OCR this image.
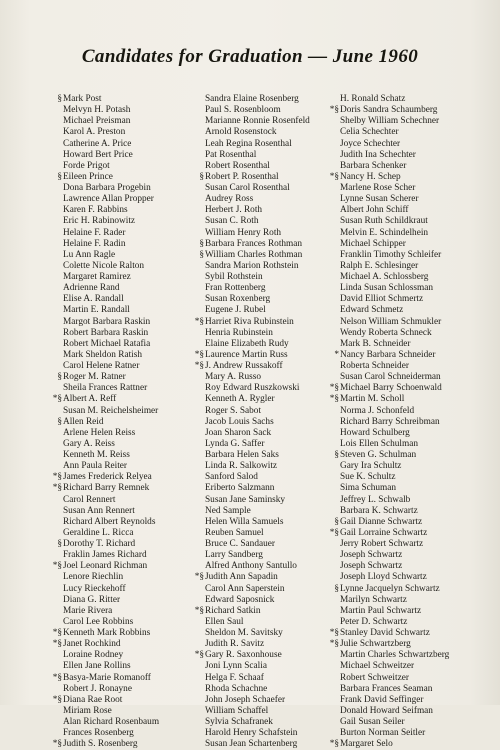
Candidates for Graduation — June 1960
§Mark Post
Melvyn H. Potash
Michael Preisman
Karol A. Preston
Catherine A. Price
Howard Bert Price
Forde Prigot
§Eileen Prince
Dona Barbara Progebin
Lawrence Allan Propper
Karen F. Rabbins
Eric H. Rabinowitz
Helaine F. Rader
Helaine F. Radin
Lu Ann Ragle
Colette Nicole Ralton
Margaret Ramirez
Adrienne Rand
Elise A. Randall
Martin E. Randall
Margot Barbara Raskin
Robert Barbara Raskin
Robert Michael Ratafia
Mark Sheldon Ratish
Carol Helene Ratner
§Roger M. Ratner
Sheila Frances Rattner
*§Albert A. Reff
Susan M. Reichelsheimer
§Allen Reid
Arlene Helen Reiss
Gary A. Reiss
Kenneth M. Reiss
Ann Paula Reiter
*§James Frederick Relyea
*§Richard Barry Remnek
Carol Rennert
Susan Ann Rennert
Richard Albert Reynolds
Geraldine L. Ricca
§Dorothy T. Richard
Fraklin James Richard
*§Joel Leonard Richman
Lenore Riechlin
Lucy Rieckehoff
Diana G. Ritter
Marie Rivera
Carol Lee Robbins
*§Kenneth Mark Robbins
*§Janet Rochkind
Loraine Rodney
Ellen Jane Rollins
*§Basya-Marie Romanoff
Robert J. Ronayne
*§Diana Rae Root
Miriam Rose
Alan Richard Rosenbaum
Frances Rosenberg
*§Judith S. Rosenberg
Sandra Elaine Rosenberg
Paul S. Rosenbloom
Marianne Ronnie Rosenfeld
Arnold Rosenstock
Leah Regina Rosenthal
Pat Rosenthal
Robert Rosenthal
§Robert P. Rosenthal
Susan Carol Rosenthal
Audrey Ross
Herbert J. Roth
Susan C. Roth
William Henry Roth
§Barbara Frances Rothman
§William Charles Rothman
Sandra Marion Rothstein
Sybil Rothstein
Fran Rottenberg
Susan Roxenberg
Eugene J. Rubel
*§Harriet Riva Rubinstein
Henria Rubinstein
Elaine Elizabeth Rudy
*§Laurence Martin Russ
*§J. Andrew Russakoff
Mary A. Russo
Roy Edward Ruszkowski
Kenneth A. Rygler
Roger S. Sabot
Jacob Louis Sachs
Joan Sharon Sack
Lynda G. Saffer
Barbara Helen Saks
Linda R. Salkowitz
Sanford Salod
Eriberto Salzmann
Susan Jane Saminsky
Ned Sample
Helen Willa Samuels
Reuben Samuel
Bruce C. Sandauer
Larry Sandberg
Alfred Anthony Santullo
*§Judith Ann Sapadin
Carol Ann Saperstein
Edward Saposnick
*§Richard Satkin
Ellen Saul
Sheldon M. Savitsky
Judith R. Savitz
*§Gary R. Saxonhouse
Joni Lynn Scalia
Helga F. Schaaf
Rhoda Schachne
John Joseph Schaefer
William Schaffel
Sylvia Schafranek
Harold Henry Schafstein
Susan Jean Schartenberg
H. Ronald Schatz
*§Doris Sandra Schaumberg
Shelby William Schechner
Celia Schechter
Joyce Schechter
Judith Ina Schechter
Barbara Schenker
*§Nancy H. Schep
Marlene Rose Scher
Lynne Susan Scherer
Albert John Schiff
Susan Ruth Schildkraut
Melvin E. Schindelhein
Michael Schipper
Franklin Timothy Schleifer
Ralph E. Schlesinger
Michael A. Schlossberg
Linda Susan Schlossman
David Elliot Schmertz
Edward Schmetz
Nelson William Schmukler
Wendy Roberta Schneck
Mark B. Schneider
*Nancy Barbara Schneider
Roberta Schneider
Susan Carol Schneiderman
*§Michael Barry Schoenwald
*§Martin M. Scholl
Norma J. Schonfeld
Richard Barry Schreibman
Howard Schulberg
Lois Ellen Schulman
§Steven G. Schulman
Gary Ira Schultz
Sue K. Schultz
Sima Schuman
Jeffrey L. Schwalb
Barbara K. Schwartz
§Gail Dianne Schwartz
*§Gail Lorraine Schwartz
Jerry Robert Schwartz
Joseph Schwartz
Joseph Schwartz
Joseph Lloyd Schwartz
§Lynne Jacquelyn Schwartz
Marilyn Schwartz
Martin Paul Schwartz
Peter D. Schwartz
*§Stanley David Schwartz
*§Julie Schwartzberg
Martin Charles Schwartzberg
Michael Schweitzer
Robert Schweitzer
Barbara Frances Seaman
Frank David Seffinger
Donald Howard Seifman
Gail Susan Seiler
Burton Norman Seitler
*§Margaret Selo
